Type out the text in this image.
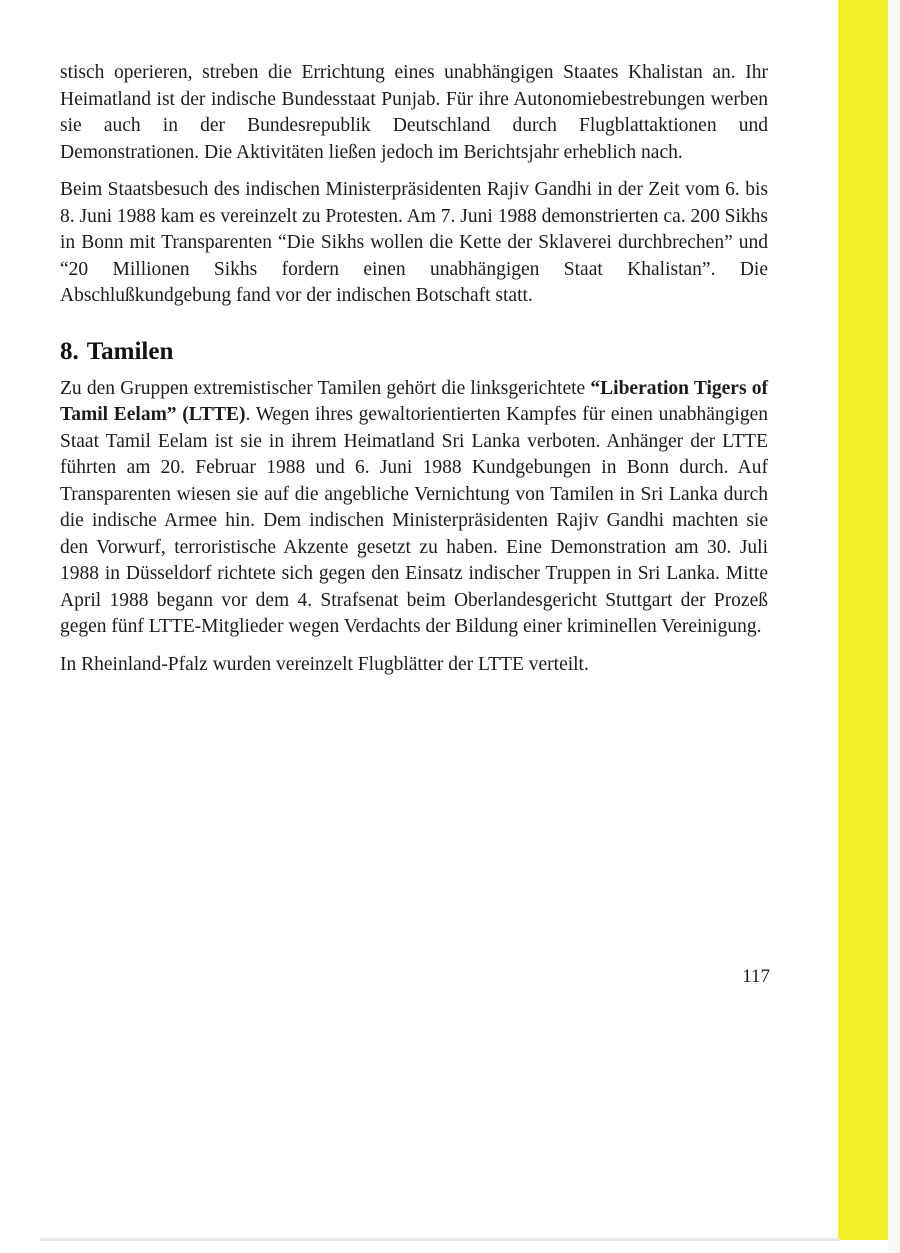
stisch operieren, streben die Errichtung eines unabhängigen Staates Khalistan an. Ihr Heimatland ist der indische Bundesstaat Punjab. Für ihre Autonomiebestrebungen werben sie auch in der Bundesrepublik Deutschland durch Flugblattaktionen und Demonstrationen. Die Aktivitäten ließen jedoch im Berichtsjahr erheblich nach.

Beim Staatsbesuch des indischen Ministerpräsidenten Rajiv Gandhi in der Zeit vom 6. bis 8. Juni 1988 kam es vereinzelt zu Protesten. Am 7. Juni 1988 demonstrierten ca. 200 Sikhs in Bonn mit Transparenten “Die Sikhs wollen die Kette der Sklaverei durchbrechen” und “20 Millionen Sikhs fordern einen unabhängigen Staat Khalistan”. Die Abschlußkundgebung fand vor der indischen Botschaft statt.

8. Tamilen

Zu den Gruppen extremistischer Tamilen gehört die linksgerichtete “Liberation Tigers of Tamil Eelam” (LTTE). Wegen ihres gewaltorientierten Kampfes für einen unabhängigen Staat Tamil Eelam ist sie in ihrem Heimatland Sri Lanka verboten. Anhänger der LTTE führten am 20. Februar 1988 und 6. Juni 1988 Kundgebungen in Bonn durch. Auf Transparenten wiesen sie auf die angebliche Vernichtung von Tamilen in Sri Lanka durch die indische Armee hin. Dem indischen Ministerpräsidenten Rajiv Gandhi machten sie den Vorwurf, terroristische Akzente gesetzt zu haben. Eine Demonstration am 30. Juli 1988 in Düsseldorf richtete sich gegen den Einsatz indischer Truppen in Sri Lanka. Mitte April 1988 begann vor dem 4. Strafsenat beim Oberlandesgericht Stuttgart der Prozeß gegen fünf LTTE-Mitglieder wegen Verdachts der Bildung einer kriminellen Vereinigung.

In Rheinland-Pfalz wurden vereinzelt Flugblätter der LTTE verteilt.

117
